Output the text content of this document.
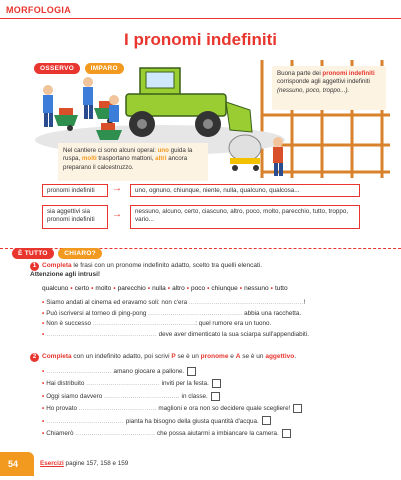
MORFOLOGIA
I pronomi indefiniti
OSSERVO	IMPARO
Buona parte dei pronomi indefiniti corrisponde agli aggettivi indefiniti (nessuno, poco, troppo...).
Nel cantiere ci sono alcuni operai: uno guida la ruspa, molti trasportano mattoni, altri ancora preparano il calcestruzzo.
pronomi indefiniti	→	uno, ognuno, chiunque, niente, nulla, qualcuno, qualcosa...
sia aggettivi sia pronomi indefiniti	→	nessuno, alcuno, certo, ciascuno, altro, poco, molto, parecchio, tutto, troppo, vario...
È TUTTO	CHIARO?
1 Completa le frasi con un pronome indefinito adatto, scelto tra quelli elencati.
Attenzione agli intrusi!
qualcuno • certo • molto • parecchio • nulla • altro • poco • chiunque • nessuno • tutto
• Siamo andati al cinema ed eravamo soli: non c'era ........................................................!
• Può iscriversi al torneo di ping-pong .............................................. abbia una racchetta.
• Non è successo ..................................................: quel rumore era un tuono.
• ...................................................... deve aver dimenticato la sua sciarpa sull'appendiabiti.
2 Completa con un indefinito adatto, poi scrivi P se è un pronome e A se è un aggettivo.
• ................................ amano giocare a pallone.
• Hai distribuito .................................... inviti per la festa.
• Oggi siamo davvero ..................................... in classe.
• Ho provato ...................................... maglioni e ora non so decidere quale scegliere!
• ...................................... pianta ha bisogno della giusta quantità d'acqua.
• Chiamerò ....................................... che possa aiutarmi a imbiancare la camera.
54	Esercizi pagine 157, 158 e 159
